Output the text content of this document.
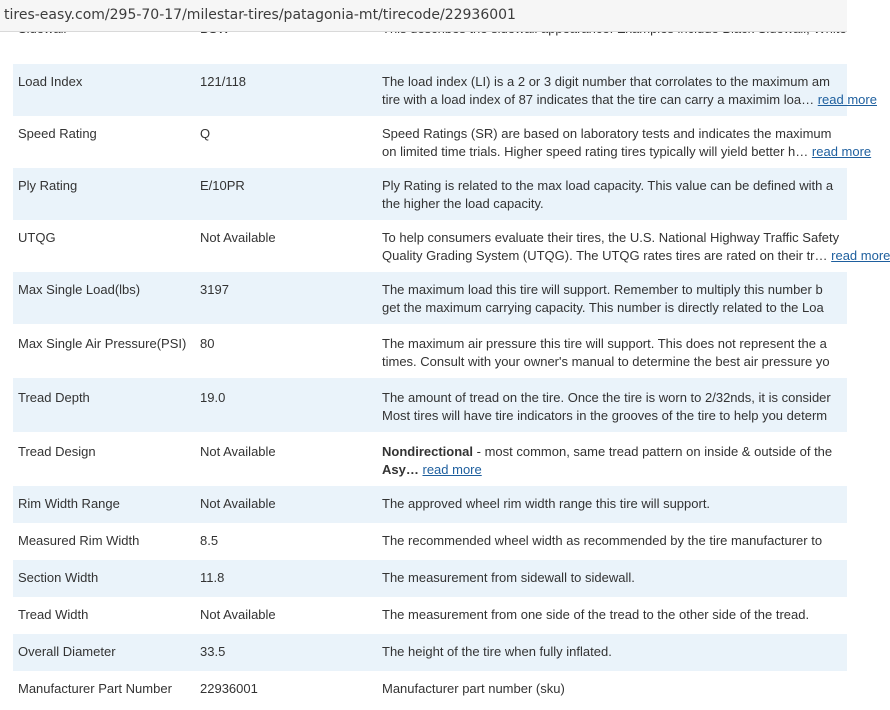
tires-easy.com/295-70-17/milestar-tires/patagonia-mt/tirecode/22936001
Load Index	121/118	The load index (LI) is a 2 or 3 digit number that corrolates to the maximum am
tire with a load index of 87 indicates that the tire can carry a maximim loa… read more
Speed Rating	Q	Speed Ratings (SR) are based on laboratory tests and indicates the maximum
on limited time trials. Higher speed rating tires typically will yield better h… read more
Ply Rating	E/10PR	Ply Rating is related to the max load capacity. This value can be defined with a
the higher the load capacity.
UTQG	Not Available	To help consumers evaluate their tires, the U.S. National Highway Traffic Safety
Quality Grading System (UTQG). The UTQG rates tires are rated on their tr… read more
Max Single Load(lbs)	3197	The maximum load this tire will support. Remember to multiply this number b
get the maximum carrying capacity. This number is directly related to the Loa
Max Single Air Pressure(PSI)	80	The maximum air pressure this tire will support. This does not represent the a
times. Consult with your owner's manual to determine the best air pressure yo
Tread Depth	19.0	The amount of tread on the tire. Once the tire is worn to 2/32nds, it is consider
Most tires will have tire indicators in the grooves of the tire to help you determ
Tread Design	Not Available	Nondirectional - most common, same tread pattern on inside & outside of the
Asy… read more
Rim Width Range	Not Available	The approved wheel rim width range this tire will support.
Measured Rim Width	8.5	The recommended wheel width as recommended by the tire manufacturer to
Section Width	11.8	The measurement from sidewall to sidewall.
Tread Width	Not Available	The measurement from one side of the tread to the other side of the tread.
Overall Diameter	33.5	The height of the tire when fully inflated.
Manufacturer Part Number	22936001	Manufacturer part number (sku)
